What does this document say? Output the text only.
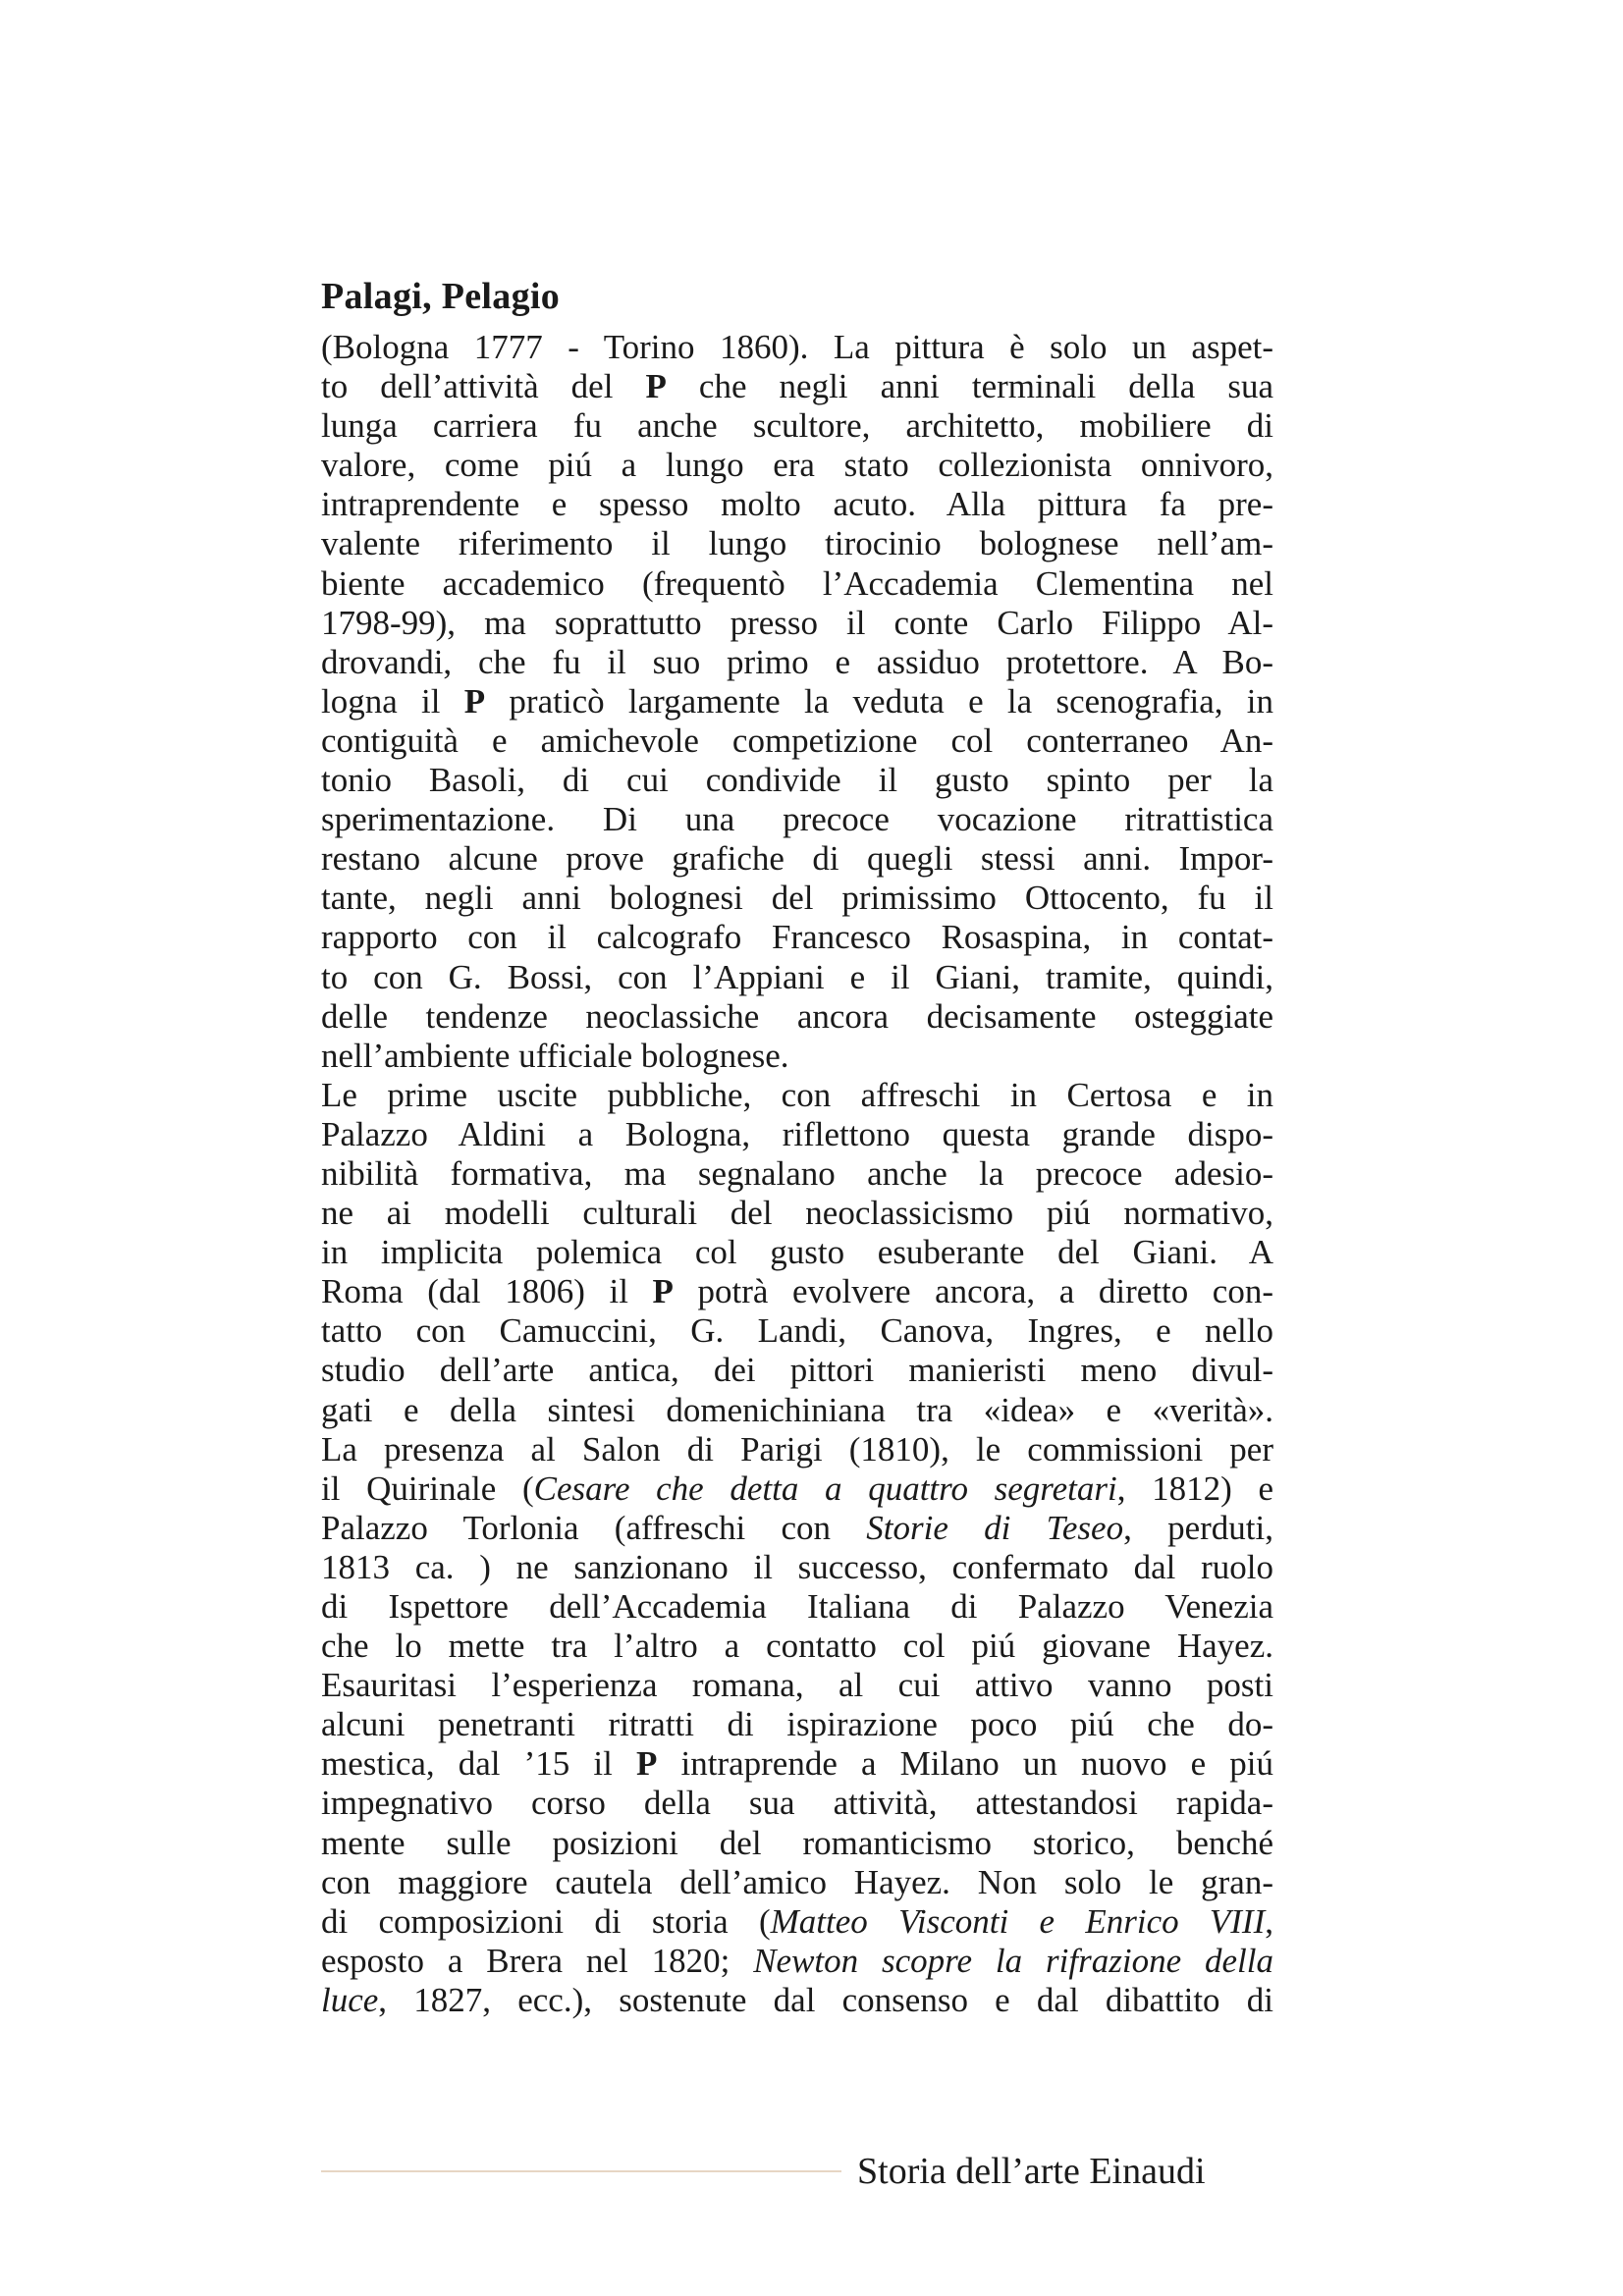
Palagi, Pelagio
(Bologna 1777 - Torino 1860). La pittura è solo un aspet-
to dell’attività del P che negli anni terminali della sua
lunga carriera fu anche scultore, architetto, mobiliere di
valore, come piú a lungo era stato collezionista onnivoro,
intraprendente e spesso molto acuto. Alla pittura fa pre-
valente riferimento il lungo tirocinio bolognese nell’am-
biente accademico (frequentò l’Accademia Clementina nel
1798-99), ma soprattutto presso il conte Carlo Filippo Al-
drovandi, che fu il suo primo e assiduo protettore. A Bo-
logna il P praticò largamente la veduta e la scenografia, in
contiguità e amichevole competizione col conterraneo An-
tonio Basoli, di cui condivide il gusto spinto per la
sperimentazione. Di una precoce vocazione ritrattistica
restano alcune prove grafiche di quegli stessi anni. Impor-
tante, negli anni bolognesi del primissimo Ottocento, fu il
rapporto con il calcografo Francesco Rosaspina, in contat-
to con G. Bossi, con l’Appiani e il Giani, tramite, quindi,
delle tendenze neoclassiche ancora decisamente osteggiate
nell’ambiente ufficiale bolognese.
Le prime uscite pubbliche, con affreschi in Certosa e in
Palazzo Aldini a Bologna, riflettono questa grande dispo-
nibilità formativa, ma segnalano anche la precoce adesio-
ne ai modelli culturali del neoclassicismo piú normativo,
in implicita polemica col gusto esuberante del Giani. A
Roma (dal 1806) il P potrà evolvere ancora, a diretto con-
tatto con Camuccini, G. Landi, Canova, Ingres, e nello
studio dell’arte antica, dei pittori manieristi meno divul-
gati e della sintesi domenichiniana tra «idea» e «verità».
La presenza al Salon di Parigi (1810), le commissioni per
il Quirinale (Cesare che detta a quattro segretari, 1812) e
Palazzo Torlonia (affreschi con Storie di Teseo, perduti,
1813 ca. ) ne sanzionano il successo, confermato dal ruolo
di Ispettore dell’Accademia Italiana di Palazzo Venezia
che lo mette tra l’altro a contatto col piú giovane Hayez.
Esauritasi l’esperienza romana, al cui attivo vanno posti
alcuni penetranti ritratti di ispirazione poco piú che do-
mestica, dal ’15 il P intraprende a Milano un nuovo e piú
impegnativo corso della sua attività, attestandosi rapida-
mente sulle posizioni del romanticismo storico, benché
con maggiore cautela dell’amico Hayez. Non solo le gran-
di composizioni di storia (Matteo Visconti e Enrico VIII,
esposto a Brera nel 1820; Newton scopre la rifrazione della
luce, 1827, ecc.), sostenute dal consenso e dal dibattito di

Storia dell’arte Einaudi
